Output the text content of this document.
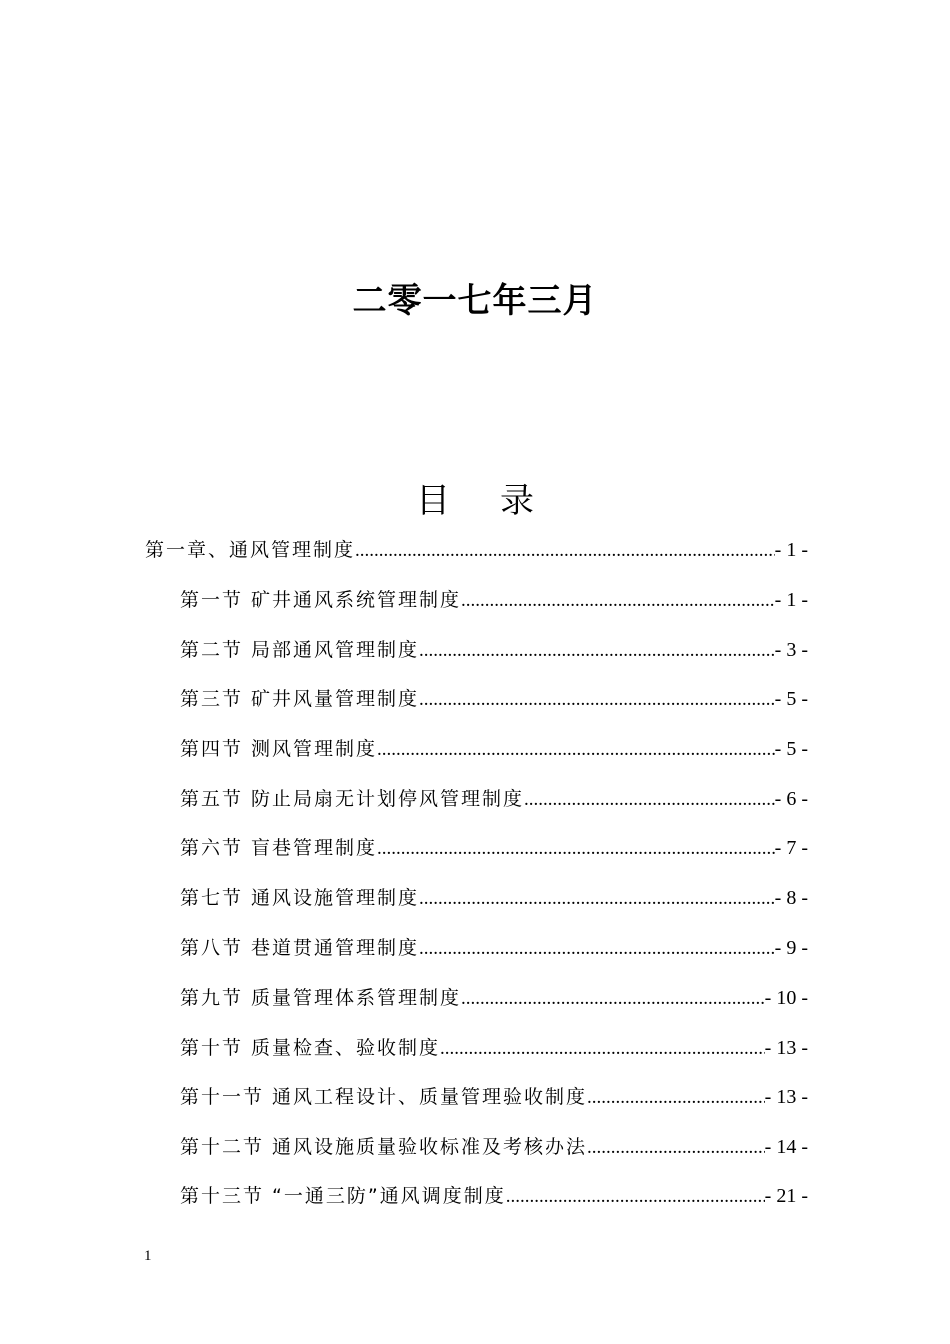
二零一七年三月
目 录
第一章、通风管理制度 .....	- 1 -
第一节 矿井通风系统管理制度 .....	- 1 -
第二节 局部通风管理制度 .....	- 3 -
第三节 矿井风量管理制度 .....	- 5 -
第四节 测风管理制度 .....	- 5 -
第五节 防止局扇无计划停风管理制度 .....	- 6 -
第六节 盲巷管理制度 .....	- 7 -
第七节 通风设施管理制度 .....	- 8 -
第八节 巷道贯通管理制度 .....	- 9 -
第九节 质量管理体系管理制度 .....	- 10 -
第十节 质量检查、验收制度 .....	- 13 -
第十一节 通风工程设计、质量管理验收制度 .....	- 13 -
第十二节 通风设施质量验收标准及考核办法 .....	- 14 -
第十三节 “一通三防”通风调度制度 .....	- 21 -
1
